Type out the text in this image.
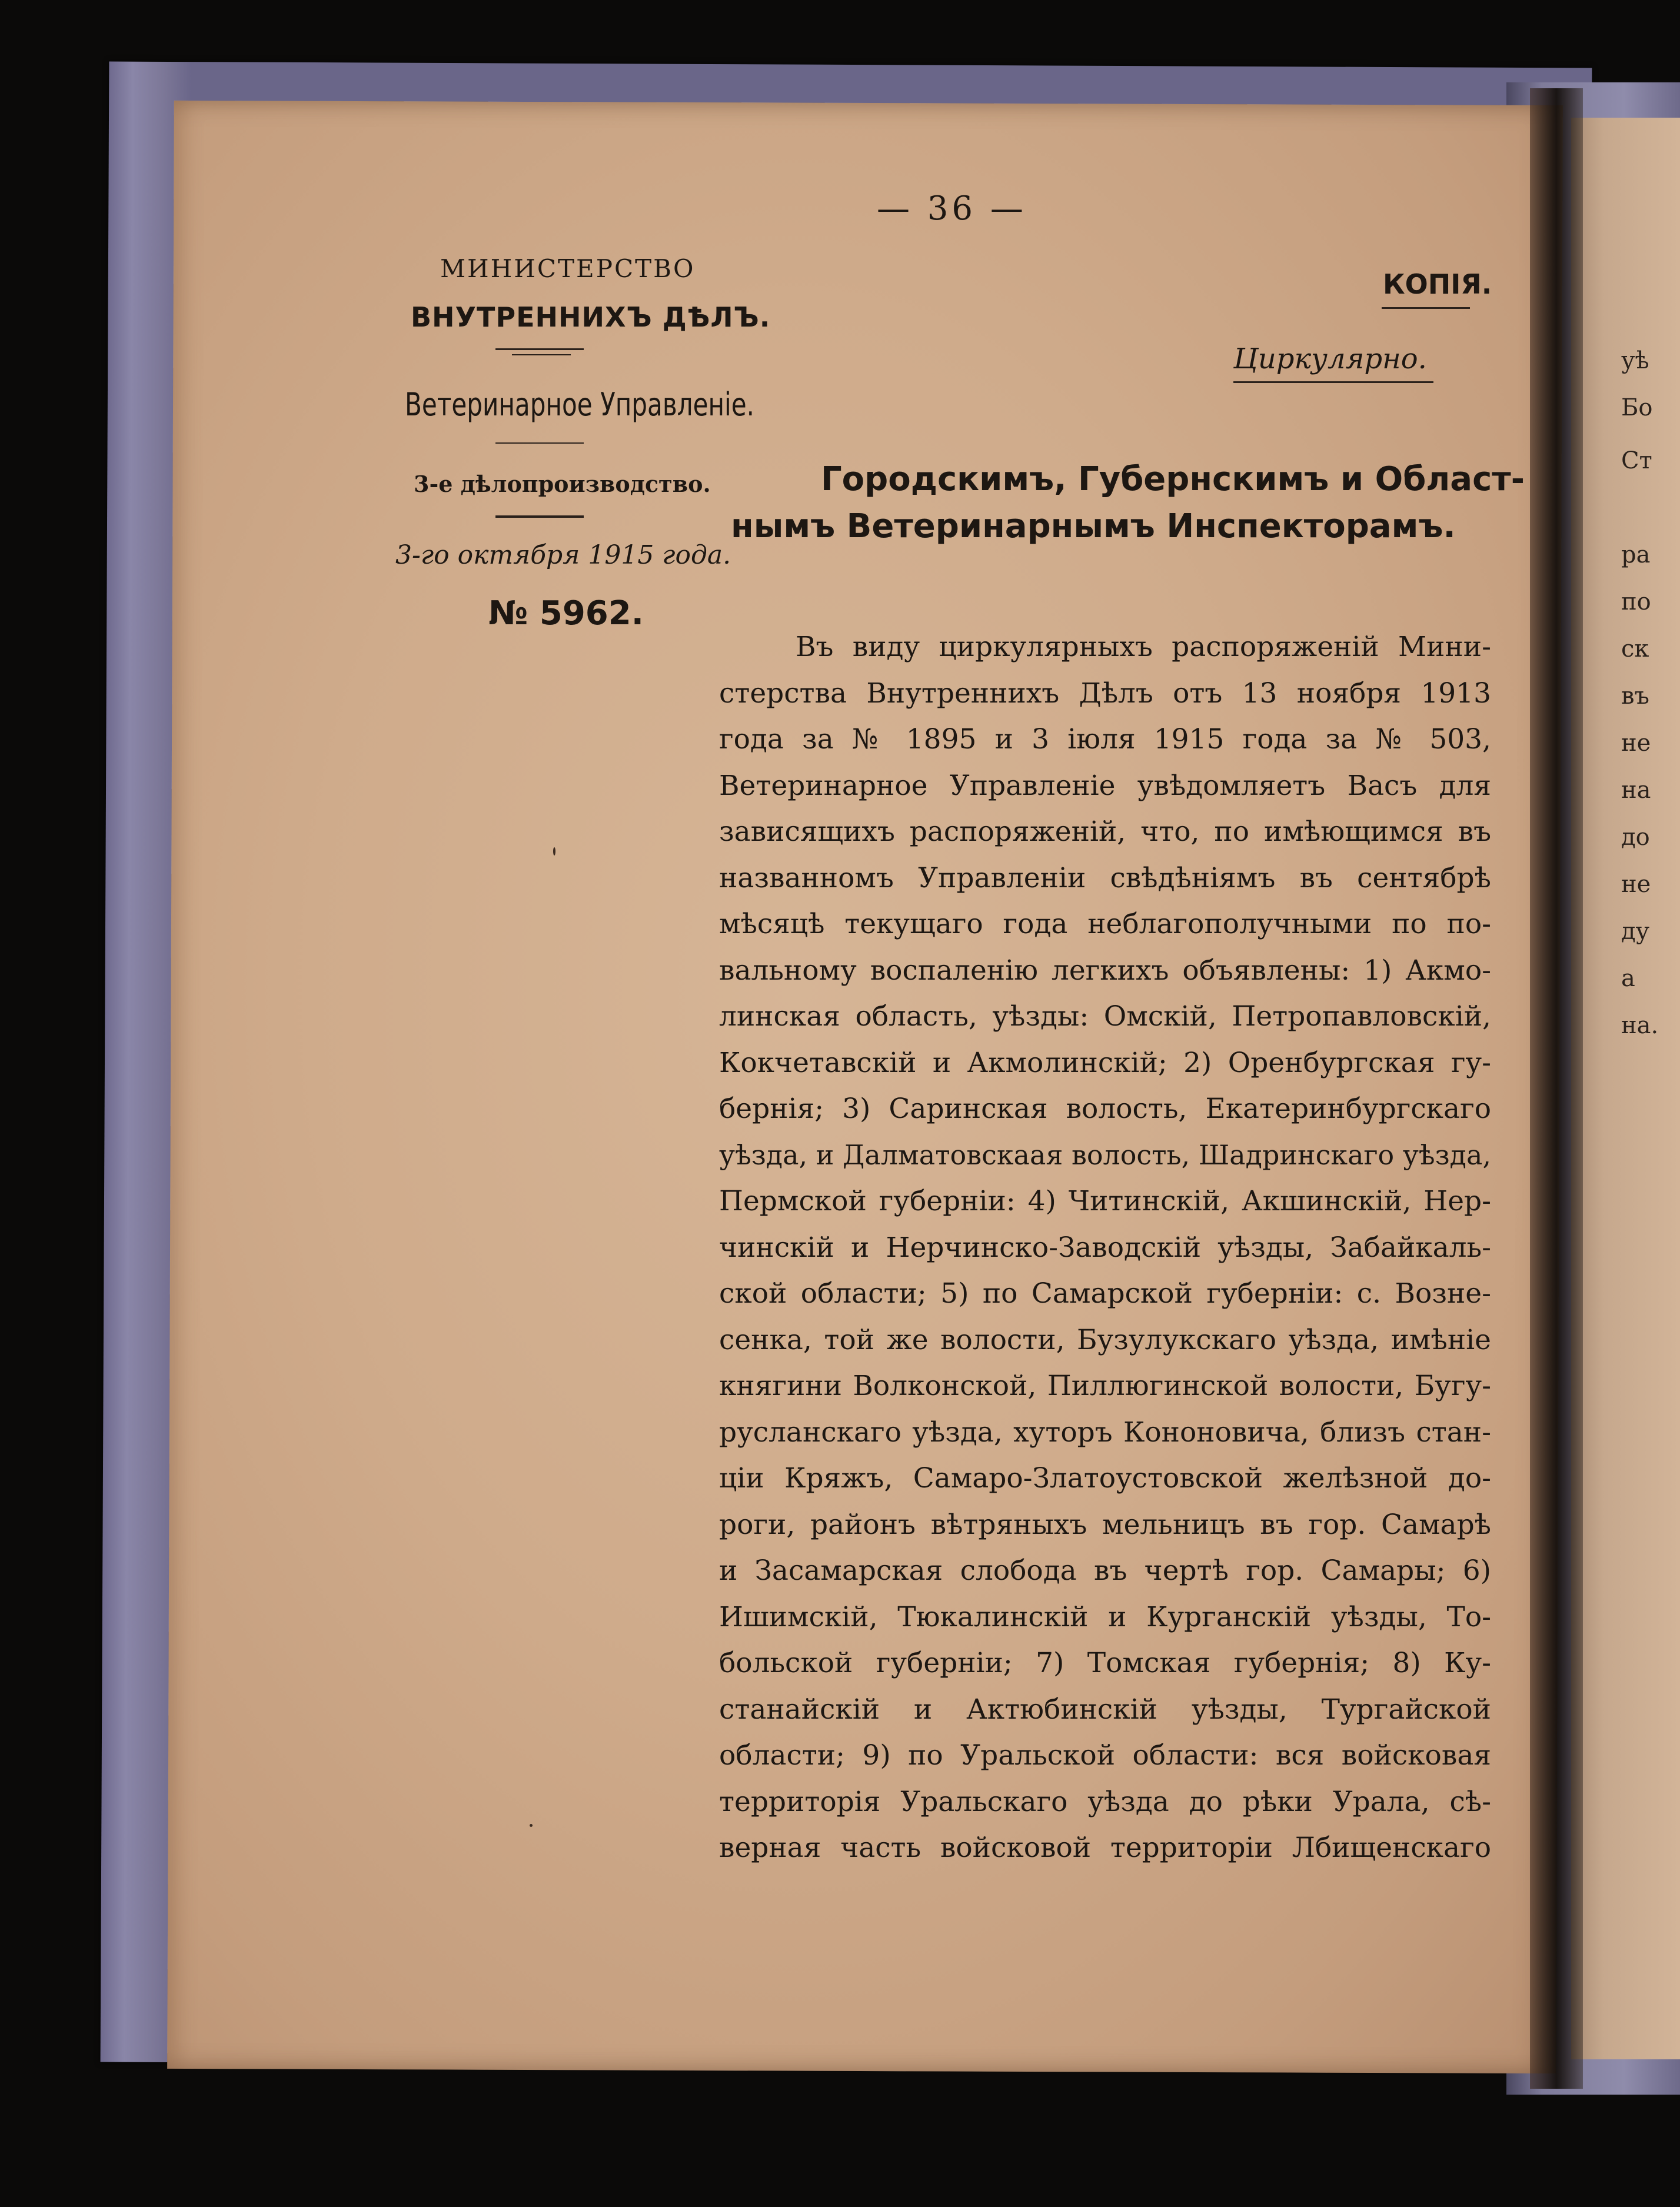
— 36 —
МИНИСТЕРСТВО
ВНУТРЕННИХЪ ДѢЛЪ.
Ветеринарное Управленіе.
3-е дѣлопроизводство.
3-го октября 1915 года.
№ 5962.
КОПІЯ.
Циркулярно.
Городскимъ, Губернскимъ и Област-
нымъ Ветеринарнымъ Инспекторамъ.
Въ виду циркулярныхъ распоряженій Мини-
стерства Внутреннихъ Дѣлъ отъ 13 ноября 1913
года за № 1895 и 3 іюля 1915 года за № 503,
Ветеринарное Управленіе увѣдомляетъ Васъ для
зависящихъ распоряженій, что, по имѣющимся въ
названномъ Управленіи свѣдѣніямъ въ сентябрѣ
мѣсяцѣ текущаго года неблагополучными по по-
вальному воспаленію легкихъ объявлены: 1) Акмо-
линская область, уѣзды: Омскій, Петропавловскій,
Кокчетавскій и Акмолинскій; 2) Оренбургская гу-
бернія; 3) Саринская волость, Екатеринбургскаго
уѣзда, и Далматовскаая волость, Шадринскаго уѣзда,
Пермской губерніи: 4) Читинскій, Акшинскій, Нер-
чинскій и Нерчинско-Заводскій уѣзды, Забайкаль-
ской области; 5) по Самарской губерніи: с. Возне-
сенка, той же волости, Бузулукскаго уѣзда, имѣніе
княгини Волконской, Пиллюгинской волости, Бугу-
русланскаго уѣзда, хуторъ Кононовича, близъ стан-
ціи Кряжъ, Самаро-Златоустовской желѣзной до-
роги, районъ вѣтряныхъ мельницъ въ гор. Самарѣ
и Засамарская слобода въ чертѣ гор. Самары; 6)
Ишимскій, Тюкалинскій и Курганскій уѣзды, То-
больской губерніи; 7) Томская губернія; 8) Ку-
станайскій и Актюбинскій уѣзды, Тургайской
области; 9) по Уральской области: вся войсковая
территорія Уральскаго уѣзда до рѣки Урала, сѣ-
верная часть войсковой территоріи Лбищенскаго
уѣ
Бо
Ст
ра
по
ск
въ
не
на
до
не
ду
а
на.
